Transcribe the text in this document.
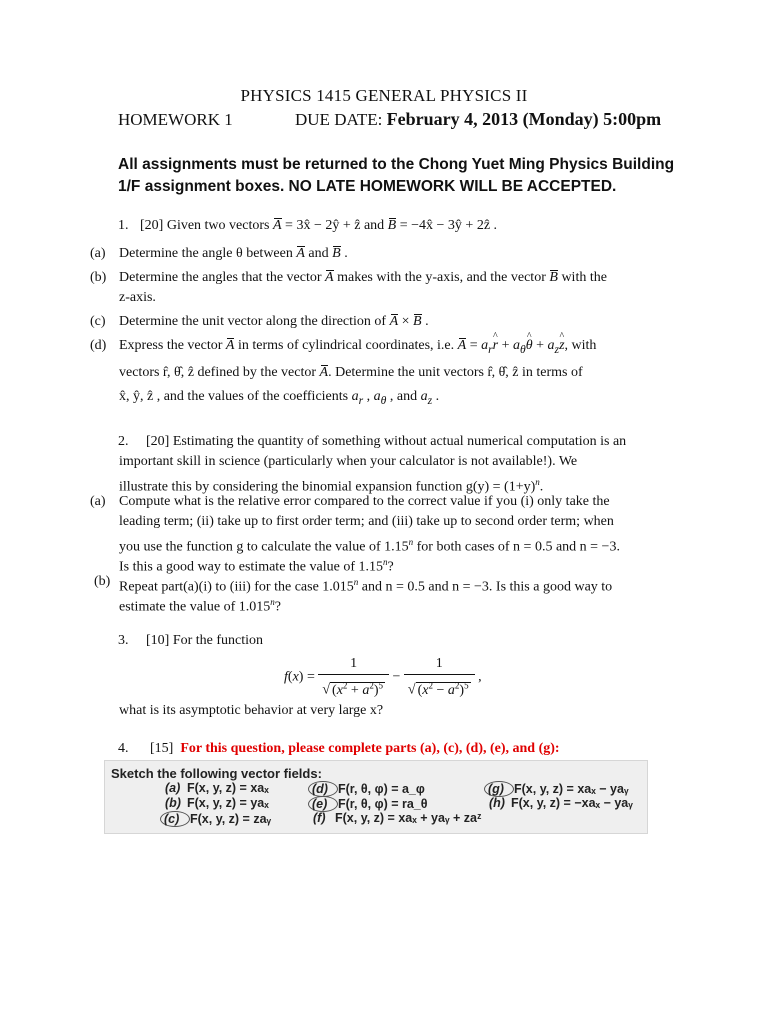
PHYSICS 1415 GENERAL PHYSICS II
HOMEWORK 1	DUE DATE: February 4, 2013 (Monday) 5:00pm
All assignments must be returned to the Chong Yuet Ming Physics Building 1/F assignment boxes. NO LATE HOMEWORK WILL BE ACCEPTED.
1. [20] Given two vectors A = 3x̂ − 2ŷ + ẑ and B = −4x̂ − 3ŷ + 2ẑ .
(a) Determine the angle θ between A and B .
(b) Determine the angles that the vector A makes with the y-axis, and the vector B with the
z-axis.
(c) Determine the unit vector along the direction of A × B .
(d) Express the vector A in terms of cylindrical coordinates, i.e. $A = a_r\^{}$ $r + a_\theta\^{}$ $\theta + a_z\^{}$ z, with
vectors r̂, θ̂, ẑ defined by the vector A. Determine the unit vectors r̂, θ̂, ẑ in terms of
x̂, ŷ, ẑ , and the values of the coefficients $a_r$ , $a_\theta$ , and $a_z$ .
2. [20] Estimating the quantity of something without actual numerical computation is an
important skill in science (particularly when your calculator is not available!). We
illustrate this by considering the binomial expansion function $g(y) = (1+y)^n$.
(a) Compute what is the relative error compared to the correct value if you (i) only take the
leading term; (ii) take up to first order term; and (iii) take up to second order term; when
you use the function g to calculate the value of 1.15$^n$ for both cases of n = 0.5 and n = −3.
Is this a good way to estimate the value of 1.15$^n$?
(b) Repeat part(a)(i) to (iii) for the case 1.015$^n$ and n = 0.5 and n = −3. Is this a good way to
estimate the value of 1.015$^n$?
3. [10] For the function
$f(x) = \frac{1}{√ (x^2 + a^2)^5} - \frac{1}{√ (x^2 - a^2)^5}$ ,
what is its asymptotic behavior at very large x?
4. [15] For this question, please complete parts (a), (c), (d), (e), and (g):
Sketch the following vector fields:
(a) F(x, y, z) = xaₓ
(b) F(x, y, z) = yaₓ
(c) F(x, y, z) = zaᵧ
(d) F(r, θ, φ) = a_φ
(e) F(r, θ, φ) = ra_θ
(f) F(x, y, z) = xaₓ + yaᵧ + zaᶻ
(g) F(x, y, z) = xaₓ − yaᵧ
(h) F(x, y, z) = −xaₓ − yaᵧ
